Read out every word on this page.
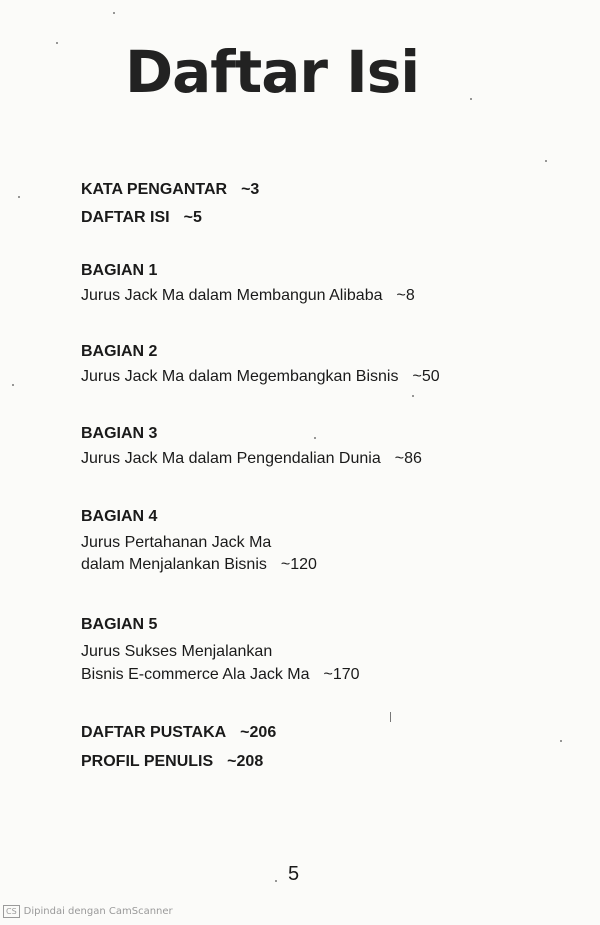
Daftar Isi
KATA PENGANTAR ~3
DAFTAR ISI ~5
BAGIAN 1
Jurus Jack Ma dalam Membangun Alibaba ~8
BAGIAN 2
Jurus Jack Ma dalam Megembangkan Bisnis ~50
BAGIAN 3
Jurus Jack Ma dalam Pengendalian Dunia ~86
BAGIAN 4
Jurus Pertahanan Jack Ma
dalam Menjalankan Bisnis ~120
BAGIAN 5
Jurus Sukses Menjalankan
Bisnis E-commerce Ala Jack Ma ~170
DAFTAR PUSTAKA ~206
PROFIL PENULIS ~208
5
CS Dipindai dengan CamScanner
